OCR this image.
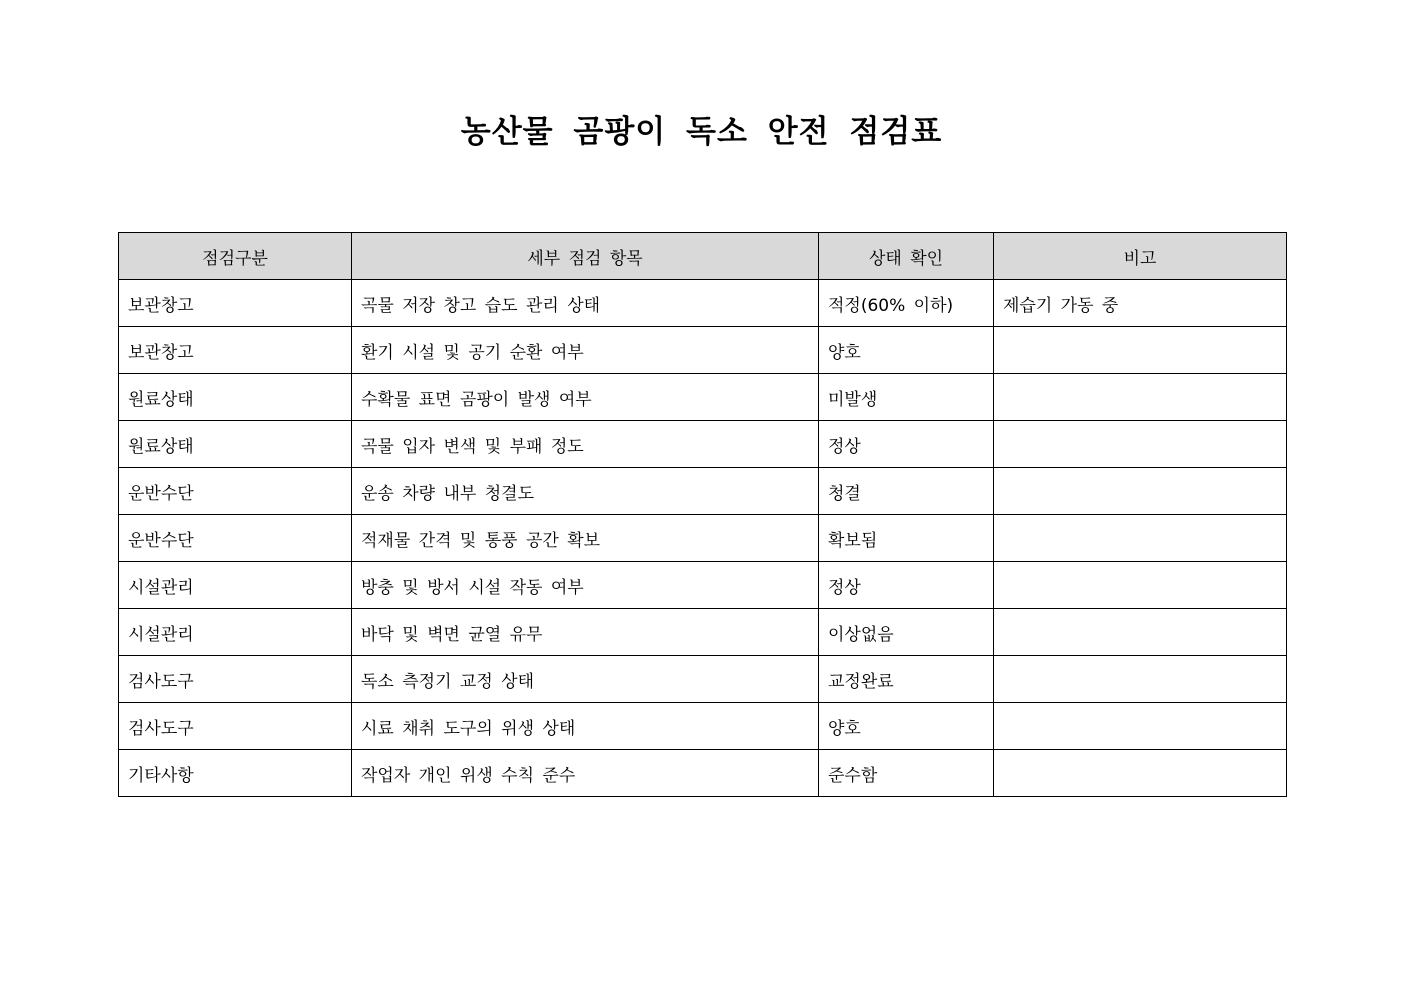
농산물 곰팡이 독소 안전 점검표
점검구분	세부 점검 항목	상태 확인	비고
보관창고	곡물 저장 창고 습도 관리 상태	적정(60% 이하)	제습기 가동 중
보관창고	환기 시설 및 공기 순환 여부	양호	
원료상태	수확물 표면 곰팡이 발생 여부	미발생	
원료상태	곡물 입자 변색 및 부패 정도	정상	
운반수단	운송 차량 내부 청결도	청결	
운반수단	적재물 간격 및 통풍 공간 확보	확보됨	
시설관리	방충 및 방서 시설 작동 여부	정상	
시설관리	바닥 및 벽면 균열 유무	이상없음	
검사도구	독소 측정기 교정 상태	교정완료	
검사도구	시료 채취 도구의 위생 상태	양호	
기타사항	작업자 개인 위생 수칙 준수	준수함	
